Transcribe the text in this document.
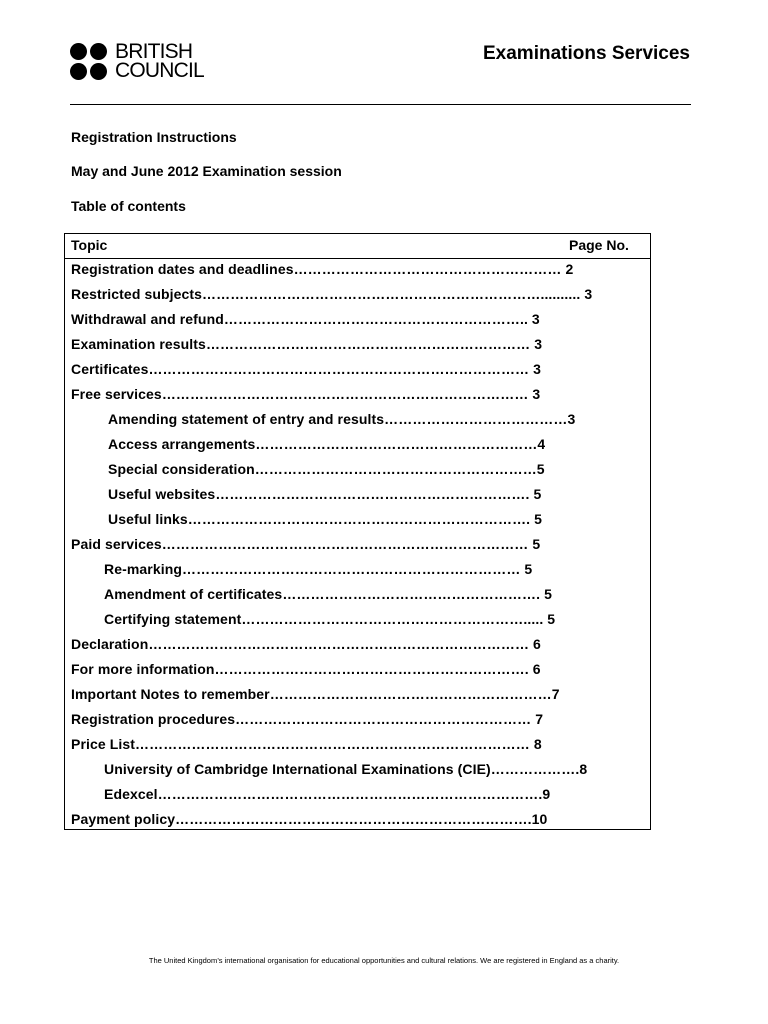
BRITISH
COUNCIL
Examinations Services
Registration Instructions
May and June 2012 Examination session
Table of contents
Topic	Page No.
Registration dates and deadlines………………………………………………… 2
Restricted subjects……………………………………………………………….......... 3
Withdrawal and refund……………………………………………………….. 3
Examination results…………………………………………………………… 3
Certificates……………………………………………………………………… 3
Free services…………………………………………………………………… 3
Amending statement of entry and results…………………………………3
Access arrangements……………………………………………………4
Special consideration……………………………………………………5
Useful websites…………………………………………………………. 5
Useful links………………………………………………………………. 5
Paid services…………………………………………………………………… 5
Re-marking……………………………………………………………… 5
Amendment of certificates………………………………………………. 5
Certifying statement……………………………………………………..... 5
Declaration……………………………………………………………………… 6
For more information…………………………………………………………. 6
Important Notes to remember……………………………………………………7
Registration procedures……………………………………………………… 7
Price List………………………………………………………………………… 8
University of Cambridge International Examinations (CIE)……………….8
Edexcel……………………………………………………………………….9
Payment policy………………………………………………………………….10
The United Kingdom’s international organisation for educational opportunities and cultural relations. We are registered in England as a charity.
